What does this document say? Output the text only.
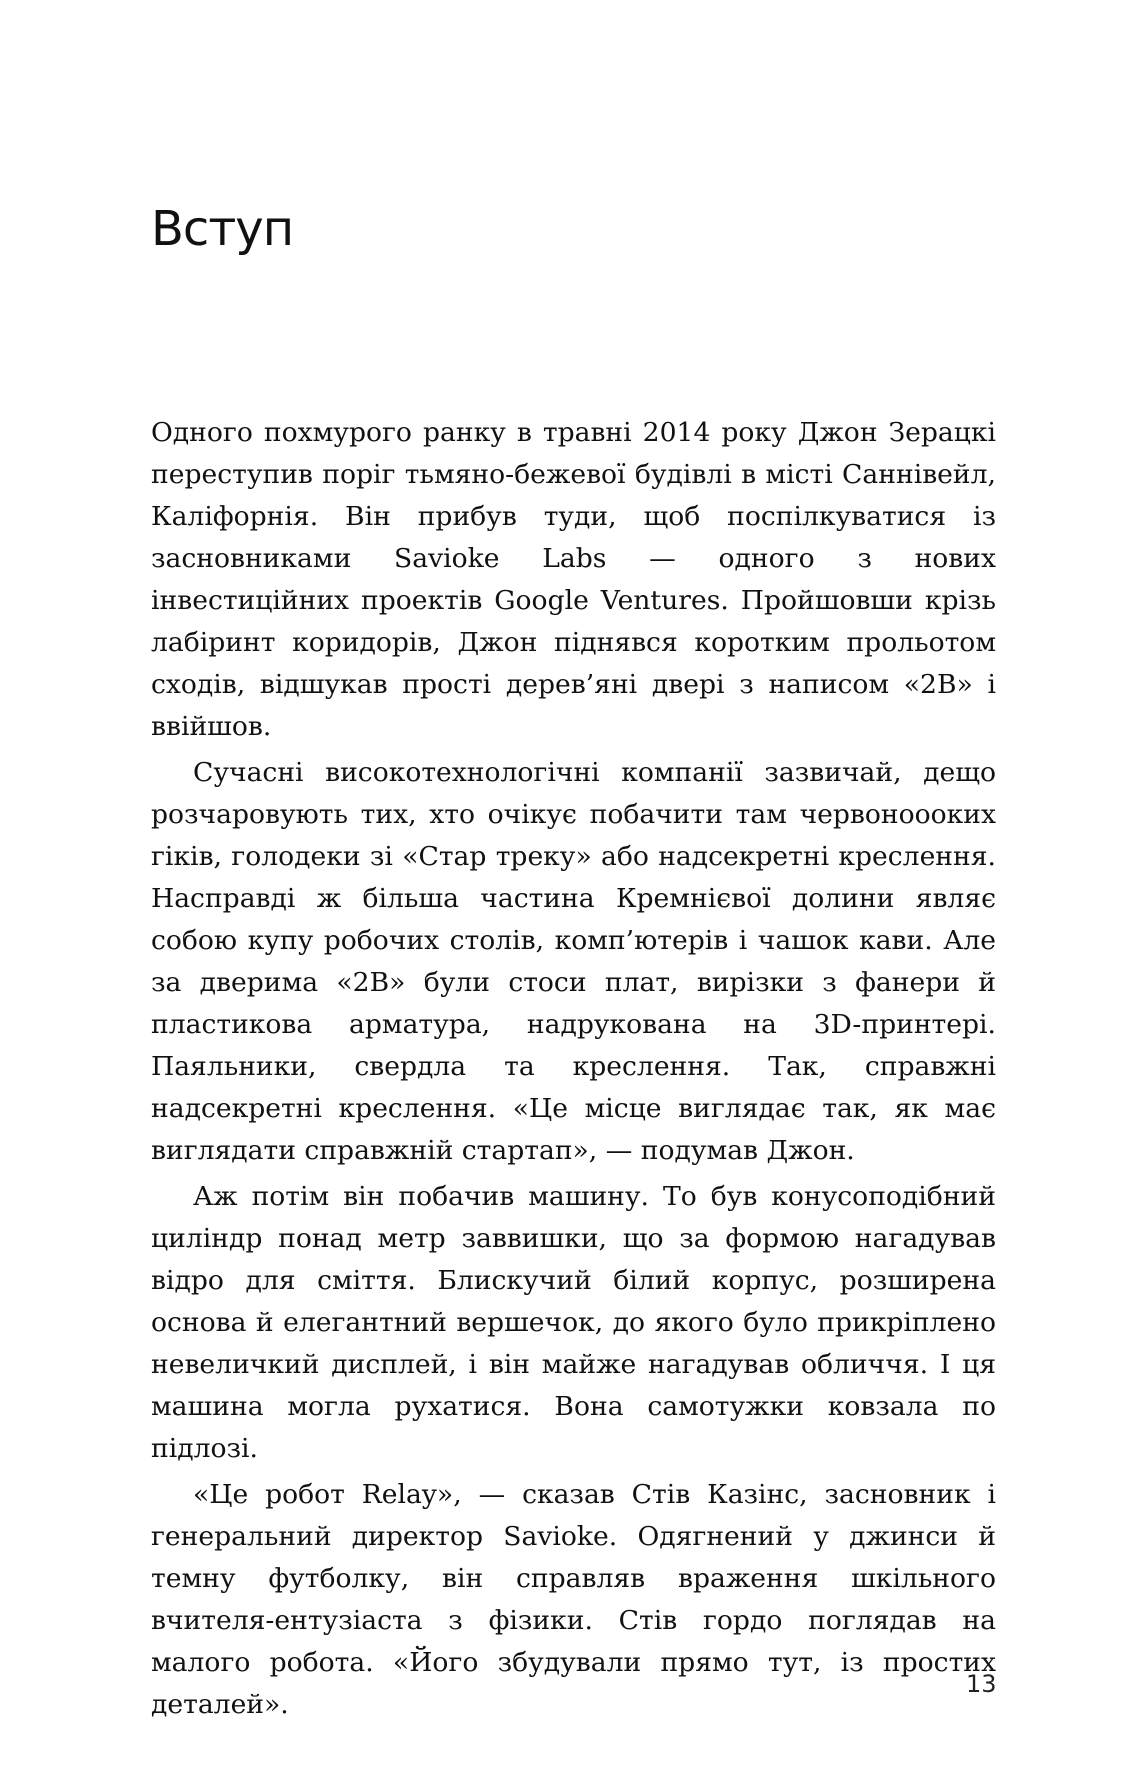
Вступ

Одного похмурого ранку в травні 2014 року Джон Зерацкі переступив поріг тьмяно-бежевої будівлі в місті Саннівейл, Каліфорнія. Він прибув туди, щоб поспілкуватися із засновниками Savioke Labs — одного з нових інвестиційних проектів Google Ventures. Пройшовши крізь лабіринт коридорів, Джон піднявся коротким прольотом сходів, відшукав прості дерев’яні двері з написом «2B» і ввійшов.

Сучасні високотехнологічні компанії зазвичай, дещо розчаровують тих, хто очікує побачити там червоноооких гіків, голодеки зі «Стар треку» або надсекретні креслення. Насправді ж більша частина Кремнієвої долини являє собою купу робочих столів, комп’ютерів і чашок кави. Але за дверима «2B» були стоси плат, вирізки з фанери й пластикова арматура, надрукована на 3D-принтері. Паяльники, свердла та креслення. Так, справжні надсекретні креслення. «Це місце виглядає так, як має виглядати справжній стартап», — подумав Джон.

Аж потім він побачив машину. То був конусоподібний циліндр понад метр заввишки, що за формою нагадував відро для сміття. Блискучий білий корпус, розширена основа й елегантний вершечок, до якого було прикріплено невеличкий дисплей, і він майже нагадував обличчя. І ця машина могла рухатися. Вона самотужки ковзала по підлозі.

«Це робот Relay», — сказав Стів Казінс, засновник і генеральний директор Savioke. Одягнений у джинси й темну футболку, він справляв враження шкільного вчителя-ентузіаста з фізики. Стів гордо поглядав на малого робота. «Його збудували прямо тут, із простих деталей».

13
